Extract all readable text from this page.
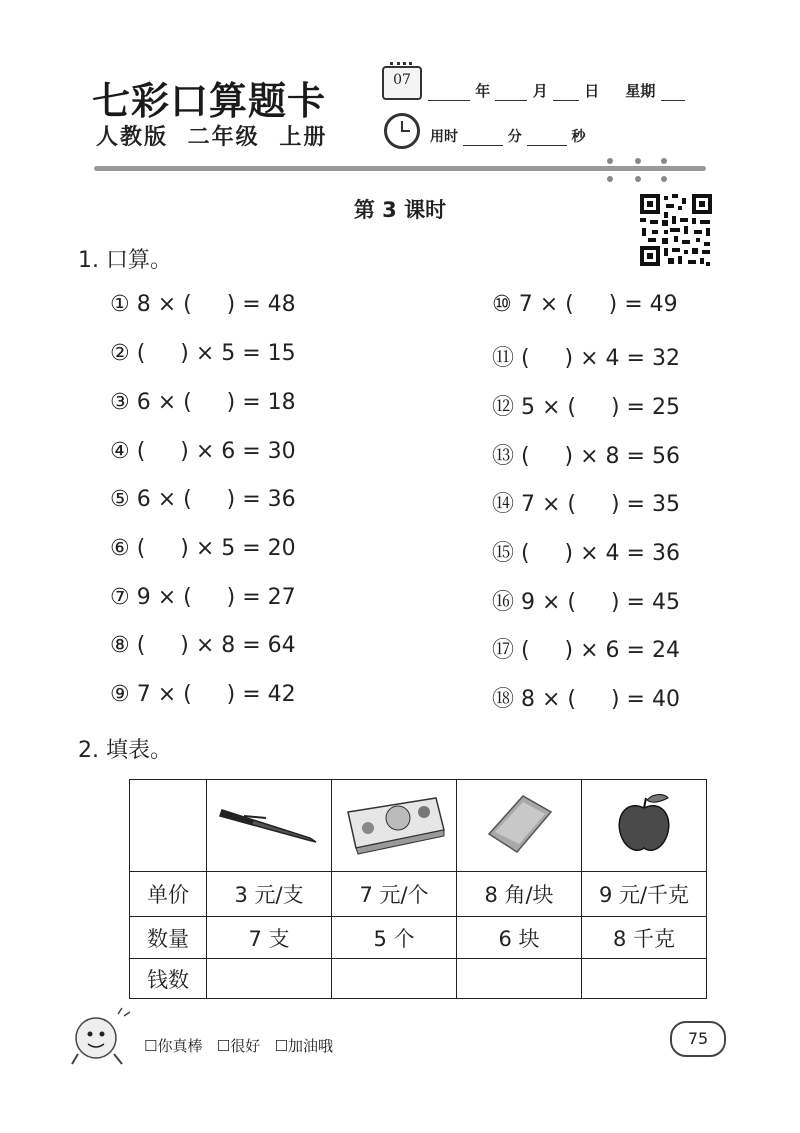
七彩口算题卡
人教版 二年级 上册
07
年	月 日 星期
用时	分	秒
第 3 课时
1. 口算。
① 8 × (     ) = 48
② (     ) × 5 = 15
③ 6 × (     ) = 18
④ (     ) × 6 = 30
⑤ 6 × (     ) = 36
⑥ (     ) × 5 = 20
⑦ 9 × (     ) = 27
⑧ (     ) × 8 = 64
⑨ 7 × (     ) = 42
⑩ 7 × (     ) = 49
⑪ (     ) × 4 = 32
⑫ 5 × (     ) = 25
⑬ (     ) × 8 = 56
⑭ 7 × (     ) = 35
⑮ (     ) × 4 = 36
⑯ 9 × (     ) = 45
⑰ (     ) × 6 = 24
⑱ 8 × (     ) = 40
2. 填表。

单价	3 元/支	7 元/个	8 角/块	9 元/千克
数量	7 支	5 个	6 块	8 千克
钱数				
☐你真棒 ☐很好 ☐加油哦	75
